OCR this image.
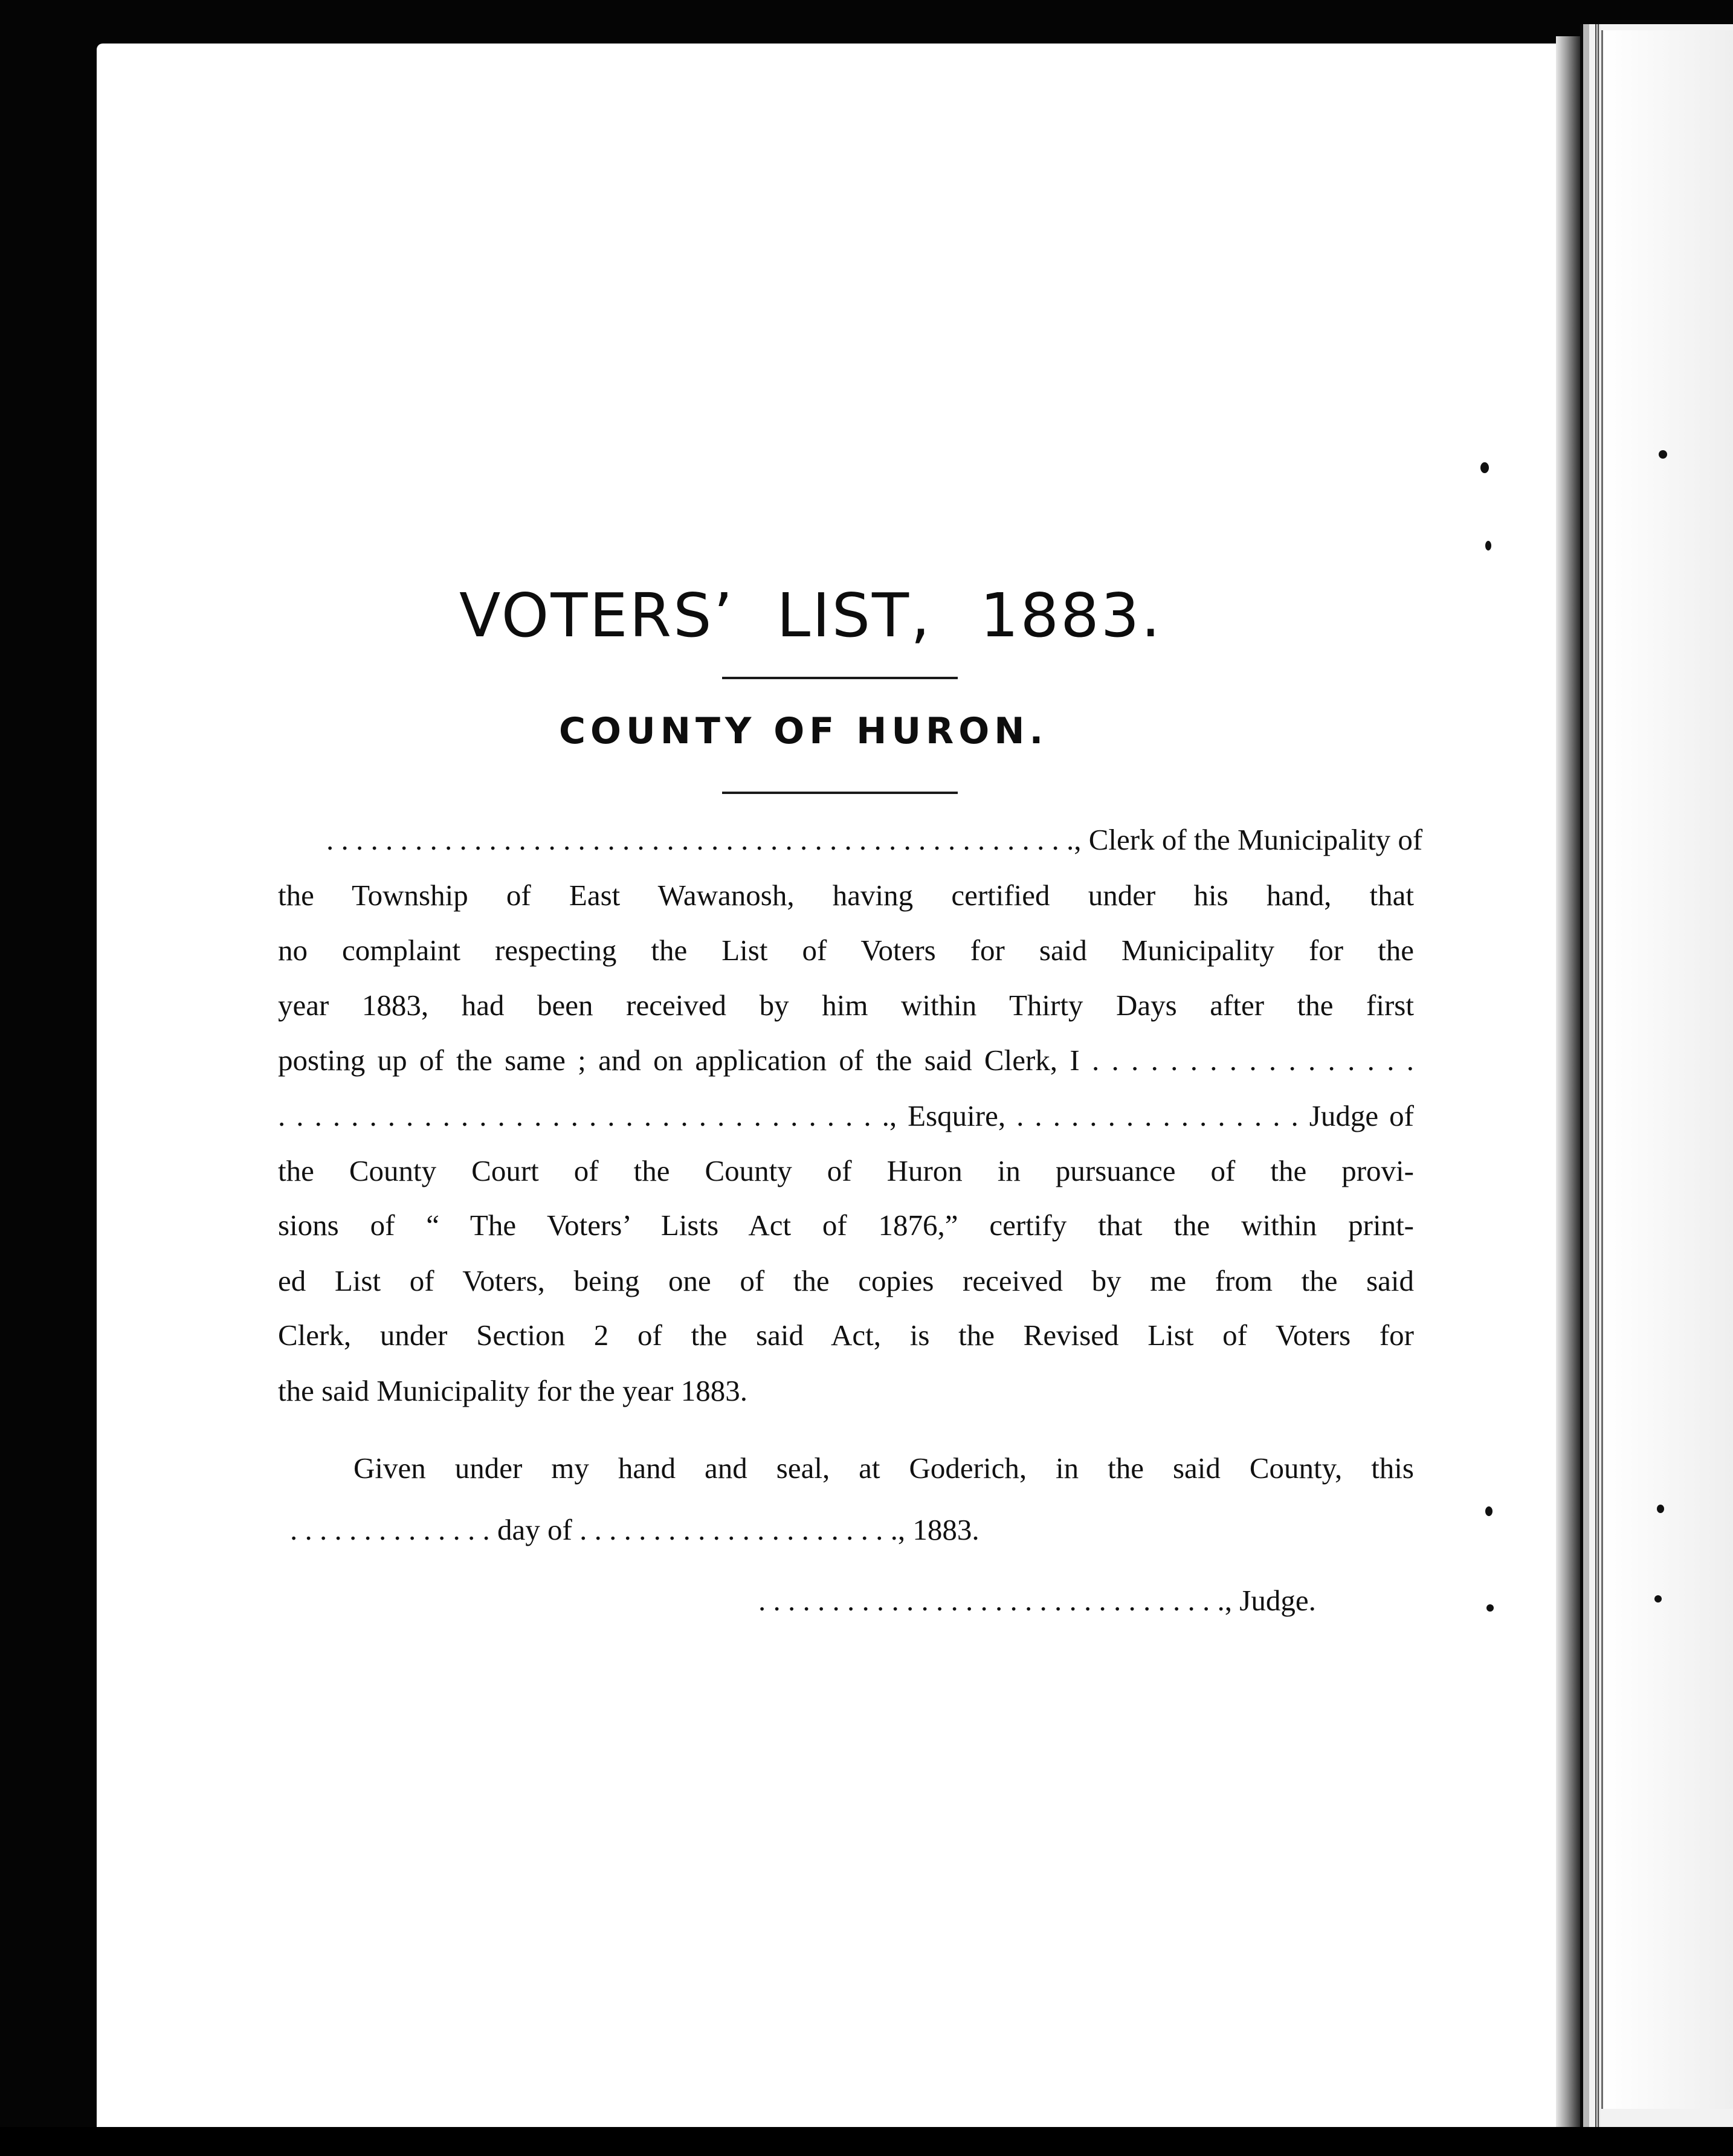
VOTERS’ LIST, 1883.
COUNTY OF HURON.
. . . . . . . . . . . . . . . . . . . . . . . . . . . . . . . . . . . . . . . . . . . . . . . . . . ., Clerk of the Municipality of
the Township of East Wawanosh, having certified under his hand, that
no complaint respecting the List of Voters for said Municipality for the
year 1883, had been received by him within Thirty Days after the first
posting up of the same ; and on application of the said Clerk, I . . . . . . . . . . . . . . . . .
. . . . . . . . . . . . . . . . . . . . . . . . . . . . . . . . . ., Esquire, . . . . . . . . . . . . . . . . Judge of
the County Court of the County of Huron in pursuance of the provi-
sions of “ The Voters’ Lists Act of 1876,” certify that the within print-
ed List of Voters, being one of the copies received by me from the said
Clerk, under Section 2 of the said Act, is the Revised List of Voters for
the said Municipality for the year 1883.
Given under my hand and seal, at Goderich, in the said County, this
. . . . . . . . . . . . . . day of . . . . . . . . . . . . . . . . . . . . . ., 1883.
. . . . . . . . . . . . . . . . . . . . . . . . . . . . . . . ., Judge.
